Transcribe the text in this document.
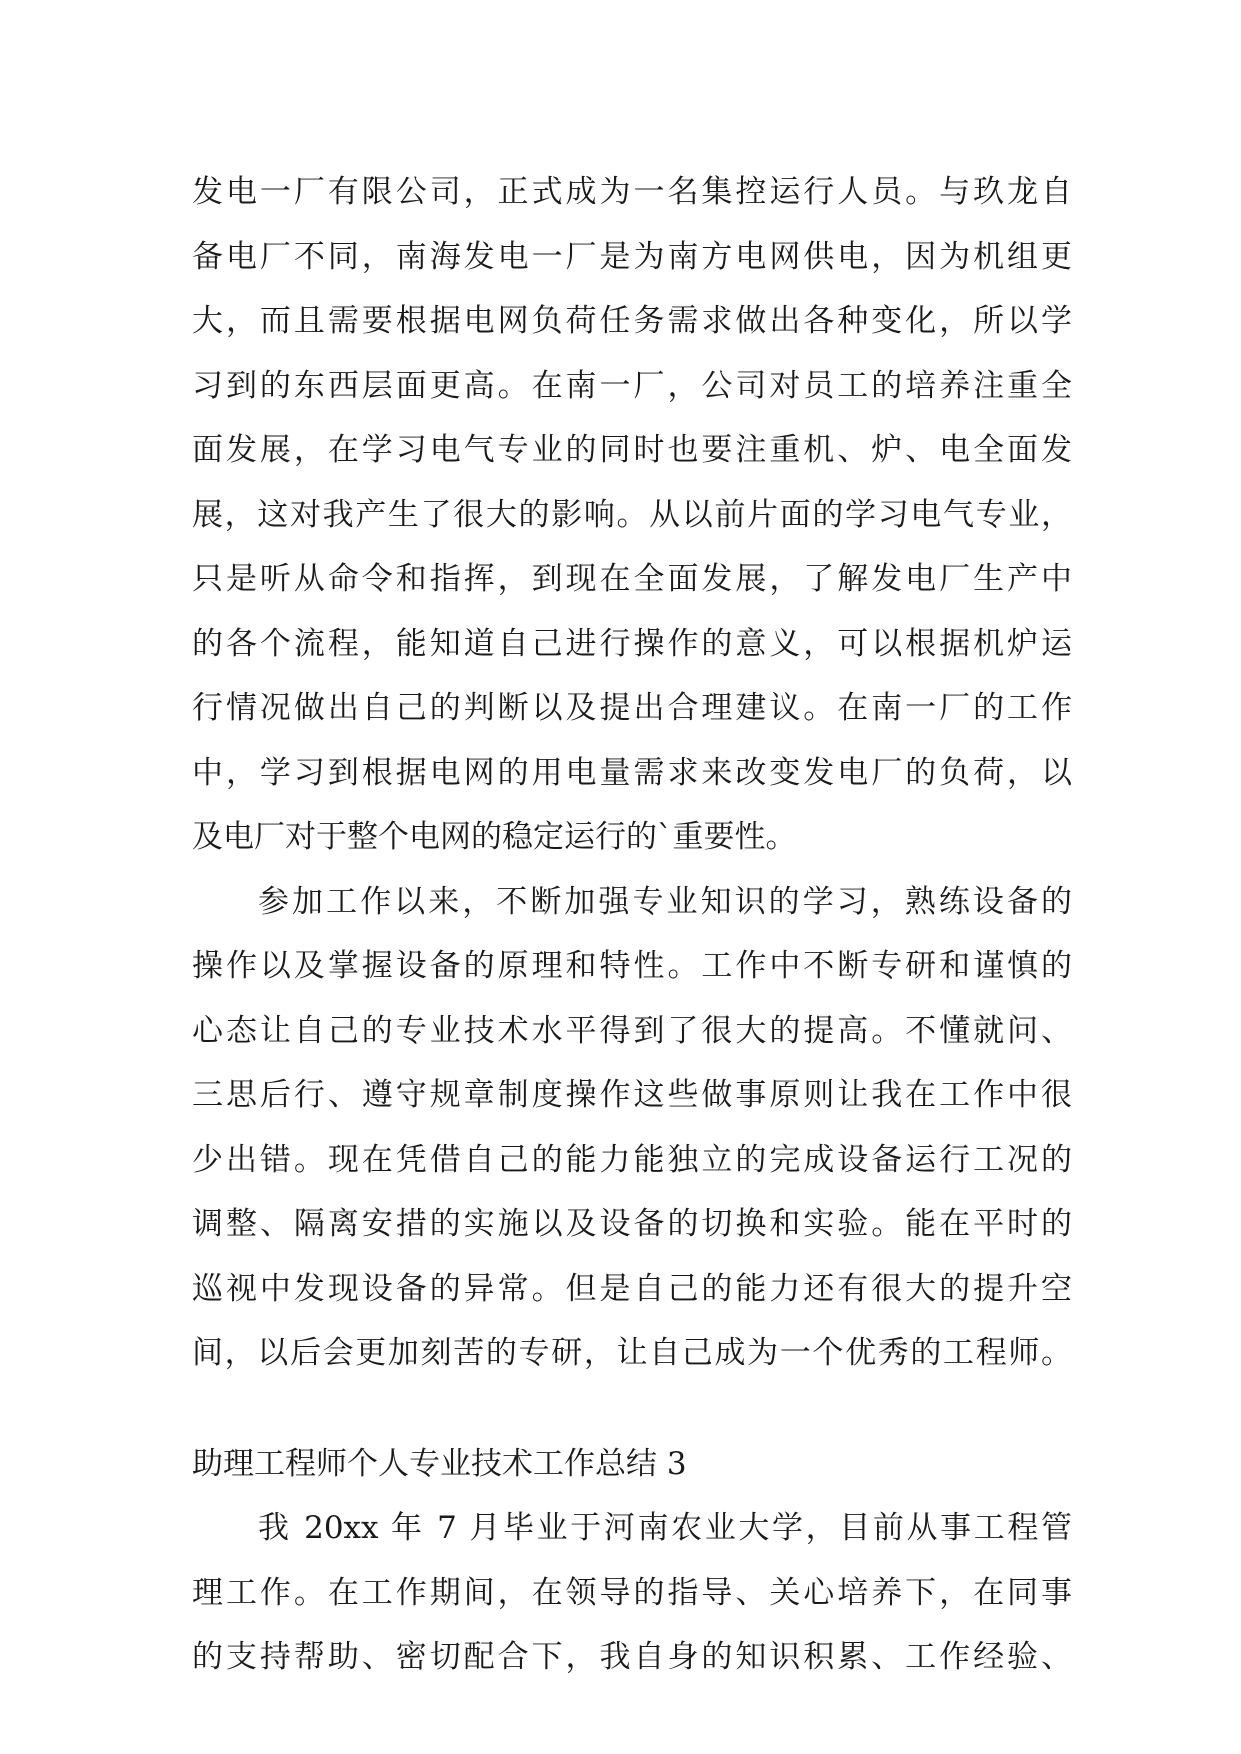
发电一厂有限公司，正式成为一名集控运行人员。与玖龙自
备电厂不同，南海发电一厂是为南方电网供电，因为机组更
大，而且需要根据电网负荷任务需求做出各种变化，所以学
习到的东西层面更高。在南一厂，公司对员工的培养注重全
面发展，在学习电气专业的同时也要注重机、炉、电全面发
展，这对我产生了很大的影响。从以前片面的学习电气专业，
只是听从命令和指挥，到现在全面发展，了解发电厂生产中
的各个流程，能知道自己进行操作的意义，可以根据机炉运
行情况做出自己的判断以及提出合理建议。在南一厂的工作
中，学习到根据电网的用电量需求来改变发电厂的负荷，以
及电厂对于整个电网的稳定运行的`重要性。
参加工作以来，不断加强专业知识的学习，熟练设备的
操作以及掌握设备的原理和特性。工作中不断专研和谨慎的
心态让自己的专业技术水平得到了很大的提高。不懂就问、
三思后行、遵守规章制度操作这些做事原则让我在工作中很
少出错。现在凭借自己的能力能独立的完成设备运行工况的
调整、隔离安措的实施以及设备的切换和实验。能在平时的
巡视中发现设备的异常。但是自己的能力还有很大的提升空
间，以后会更加刻苦的专研，让自己成为一个优秀的工程师。
助理工程师个人专业技术工作总结 3
我 20xx 年 7 月毕业于河南农业大学，目前从事工程管
理工作。在工作期间，在领导的指导、关心培养下，在同事
的支持帮助、密切配合下，我自身的知识积累、工作经验、
